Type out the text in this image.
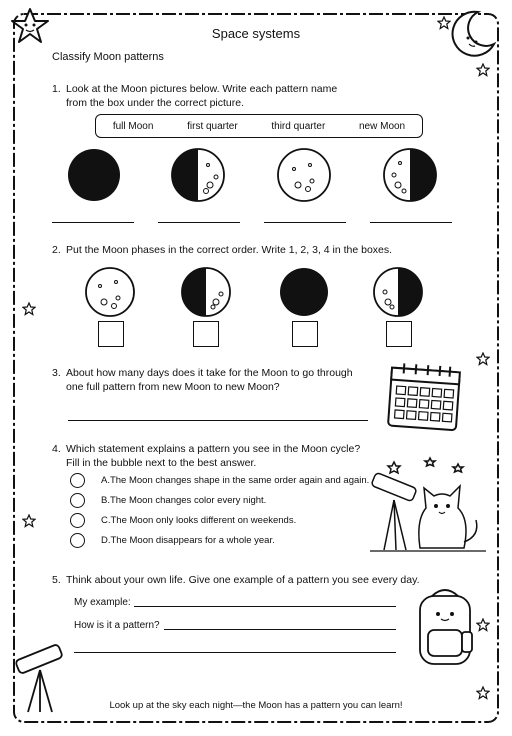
Space systems
Classify Moon patterns
1. Look at the Moon pictures below. Write each pattern name
from the box under the correct picture.
full Moon	first quarter	third quarter	new Moon
2. Put the Moon phases in the correct order. Write 1, 2, 3, 4 in the boxes.
3. About how many days does it take for the Moon to go through
one full pattern from new Moon to new Moon?
4. Which statement explains a pattern you see in the Moon cycle?
Fill in the bubble next to the best answer.
A.The Moon changes shape in the same order again and again.
B.The Moon changes color every night.
C.The Moon only looks different on weekends.
D.The Moon disappears for a whole year.
5. Think about your own life. Give one example of a pattern you see every day.
My example:
How is it a pattern?
Look up at the sky each night—the Moon has a pattern you can learn!
